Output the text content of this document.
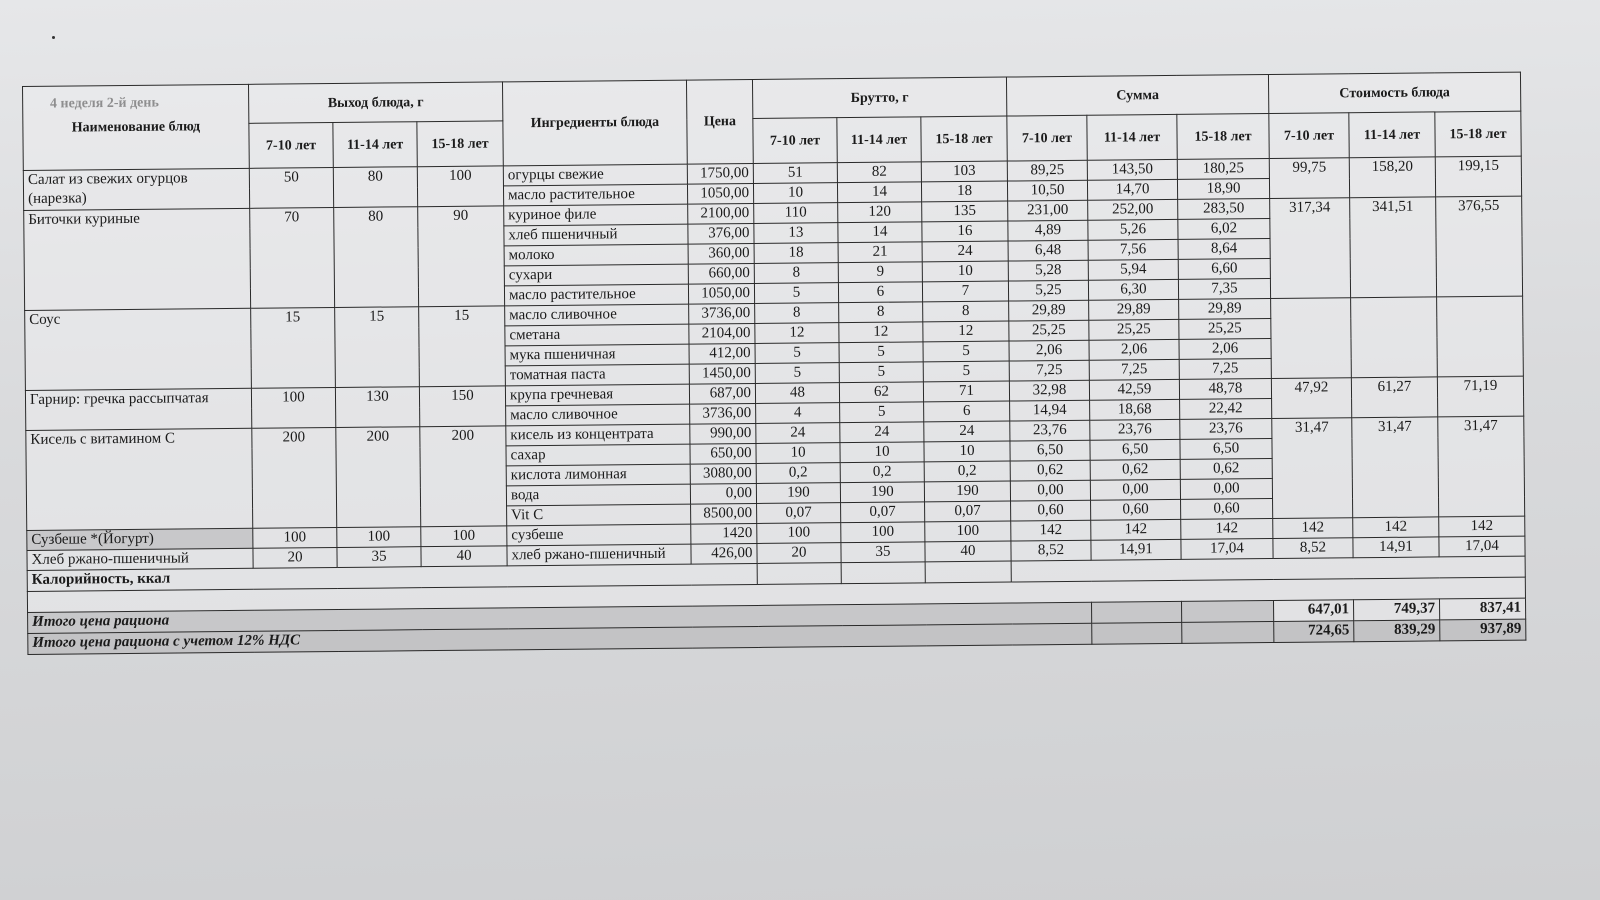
Наименование блюд	Выход блюда, г			Ингредиенты блюда	Цена	Брутто, г			Сумма			Стоимость блюда		
	7-10 лет	11-14 лет	15-18 лет			7-10 лет	11-14 лет	15-18 лет	7-10 лет	11-14 лет	15-18 лет	7-10 лет	11-14 лет	15-18 лет
Салат из свежих огурцов (нарезка)	50	80	100	огурцы свежие	1750,00	51	82	103	89,25	143,50	180,25	99,75	158,20	199,15
				масло растительное	1050,00	10	14	18	10,50	14,70	18,90			
Биточки куриные	70	80	90	куриное филе	2100,00	110	120	135	231,00	252,00	283,50	317,34	341,51	376,55
				хлеб пшеничный	376,00	13	14	16	4,89	5,26	6,02			
				молоко	360,00	18	21	24	6,48	7,56	8,64			
				сухари	660,00	8	9	10	5,28	5,94	6,60			
				масло растительное	1050,00	5	6	7	5,25	6,30	7,35			
Соус	15	15	15	масло сливочное	3736,00	8	8	8	29,89	29,89	29,89			
				сметана	2104,00	12	12	12	25,25	25,25	25,25			
				мука пшеничная	412,00	5	5	5	2,06	2,06	2,06			
				томатная паста	1450,00	5	5	5	7,25	7,25	7,25			
Гарнир: гречка рассыпчатая	100	130	150	крупа гречневая	687,00	48	62	71	32,98	42,59	48,78	47,92	61,27	71,19
				масло сливочное	3736,00	4	5	6	14,94	18,68	22,42			
Кисель с витамином С	200	200	200	кисель из концентрата	990,00	24	24	24	23,76	23,76	23,76	31,47	31,47	31,47
				сахар	650,00	10	10	10	6,50	6,50	6,50			
				кислота лимонная	3080,00	0,2	0,2	0,2	0,62	0,62	0,62			
				вода	0,00	190	190	190	0,00	0,00	0,00			
				Vit C	8500,00	0,07	0,07	0,07	0,60	0,60	0,60			
Сузбеше *(Йогурт)	100	100	100	сузбеше	1420	100	100	100	142	142	142	142	142	142
Хлеб ржано-пшеничный	20	35	40	хлеб ржано-пшеничный	426,00	20	35	40	8,52	14,91	17,04	8,52	14,91	17,04
Калорийность, ккал														

Итого цена рациона												647,01	749,37	837,41
Итого цена рациона с учетом 12% НДС												724,65	839,29	937,89
